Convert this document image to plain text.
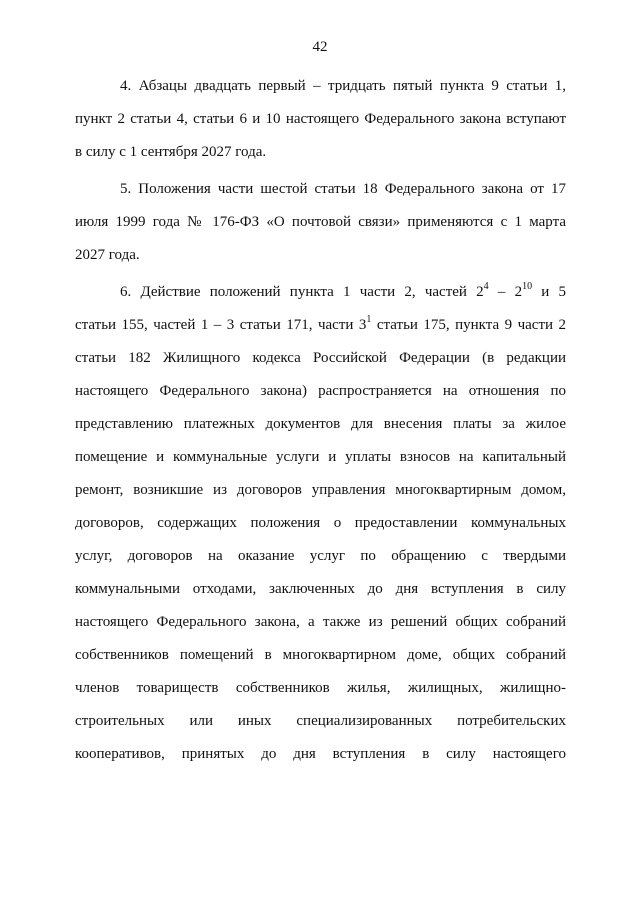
42
4. Абзацы двадцать первый – тридцать пятый пункта 9 статьи 1,
пункт 2 статьи 4, статьи 6 и 10 настоящего Федерального закона вступают
в силу с 1 сентября 2027 года.
5. Положения части шестой статьи 18 Федерального закона от 17
июля 1999 года № 176-ФЗ «О почтовой связи» применяются с 1 марта
2027 года.
6. Действие положений пункта 1 части 2, частей $2^4 - 2^{10}$ и 5
статьи 155, частей 1 – 3 статьи 171, части $3^1$ статьи 175, пункта 9 части 2
статьи 182 Жилищного кодекса Российской Федерации (в редакции
настоящего Федерального закона) распространяется на отношения по
представлению платежных документов для внесения платы за жилое
помещение и коммунальные услуги и уплаты взносов на капитальный
ремонт, возникшие из договоров управления многоквартирным домом,
договоров, содержащих положения о предоставлении коммунальных
услуг, договоров на оказание услуг по обращению с твердыми
коммунальными отходами, заключенных до дня вступления в силу
настоящего Федерального закона, а также из решений общих собраний
собственников помещений в многоквартирном доме, общих собраний
членов товариществ собственников жилья, жилищных, жилищно-
строительных или иных специализированных потребительских
кооперативов, принятых до дня вступления в силу настоящего
